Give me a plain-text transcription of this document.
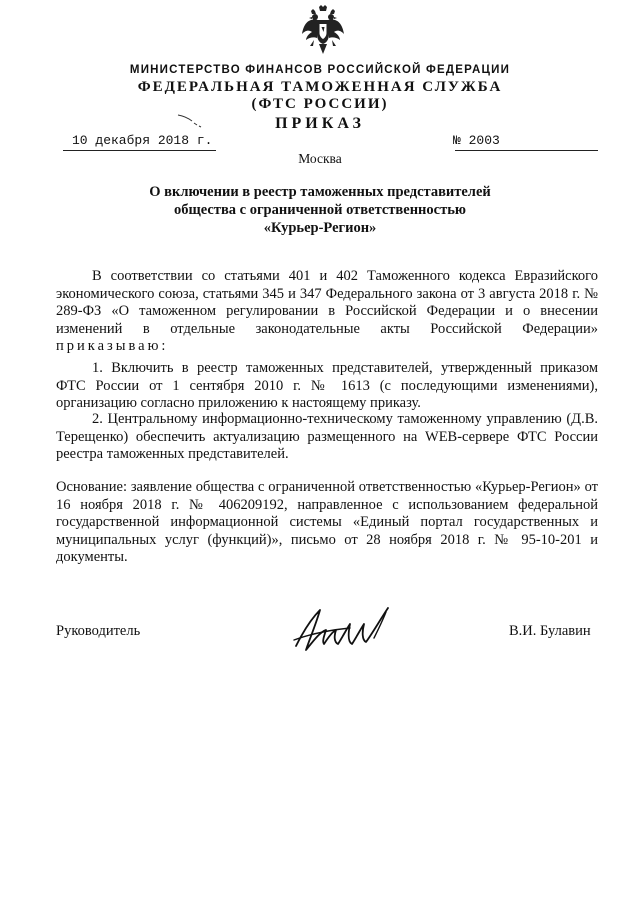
МИНИСТЕРСТВО ФИНАНСОВ РОССИЙСКОЙ ФЕДЕРАЦИИ
ФЕДЕРАЛЬНАЯ ТАМОЖЕННАЯ СЛУЖБА
(ФТС РОССИИ)
ПРИКАЗ
10 декабря 2018 г.	№ 2003
Москва
О включении в реестр таможенных представителей
общества с ограниченной ответственностью
«Курьер-Регион»
В соответствии со статьями 401 и 402 Таможенного кодекса Евразийского экономического союза, статьями 345 и 347 Федерального закона от 3 августа 2018 г. № 289-ФЗ «О таможенном регулировании в Российской Федерации и о внесении изменений в отдельные законодательные акты Российской Федерации» приказываю:
1. Включить в реестр таможенных представителей, утвержденный приказом ФТС России от 1 сентября 2010 г. № 1613 (с последующими изменениями), организацию согласно приложению к настоящему приказу.
2. Центральному информационно-техническому таможенному управлению (Д.В. Терещенко) обеспечить актуализацию размещенного на WEB-сервере ФТС России реестра таможенных представителей.
Основание: заявление общества с ограниченной ответственностью «Курьер-Регион» от 16 ноября 2018 г. № 406209192, направленное с использованием федеральной государственной информационной системы «Единый портал государственных и муниципальных услуг (функций)», письмо от 28 ноября 2018 г. № 95-10-201 и документы.
Руководитель	В.И. Булавин
